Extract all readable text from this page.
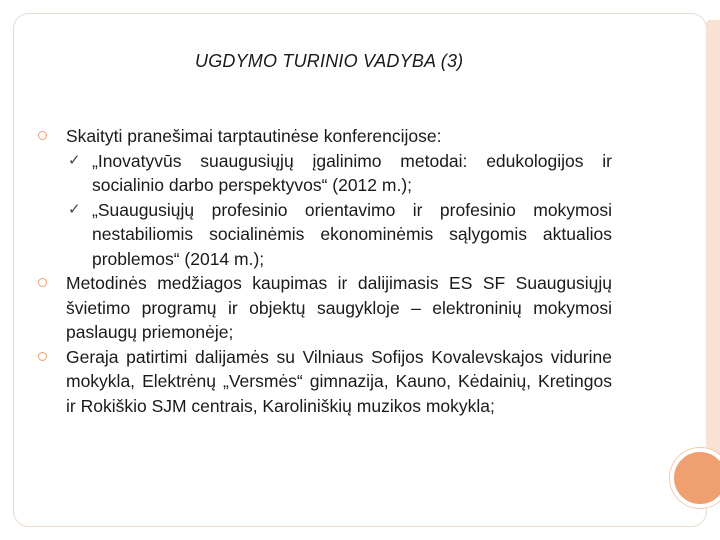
UGDYMO TURINIO VADYBA (3)
Skaityti pranešimai tarptautinėse konferencijose:
✓ „Inovatyvūs suaugusiųjų įgalinimo metodai: edukologijos ir socialinio darbo perspektyvos“ (2012 m.);
✓ „Suaugusiųjų profesinio orientavimo ir profesinio mokymosi nestabiliomis socialinėmis ekonominėmis sąlygomis aktualios problemos“ (2014 m.);
Metodinės medžiagos kaupimas ir dalijimasis ES SF Suaugusiųjų švietimo programų ir objektų saugykloje – elektroninių mokymosi paslaugų priemonėje;
Geraja patirtimi dalijamės su Vilniaus Sofijos Kovalevskajos vidurine mokykla, Elektrėnų „Versmės“ gimnazija, Kauno, Kėdainių, Kretingos ir Rokiškio SJM centrais, Karoliniškių muzikos mokykla;
